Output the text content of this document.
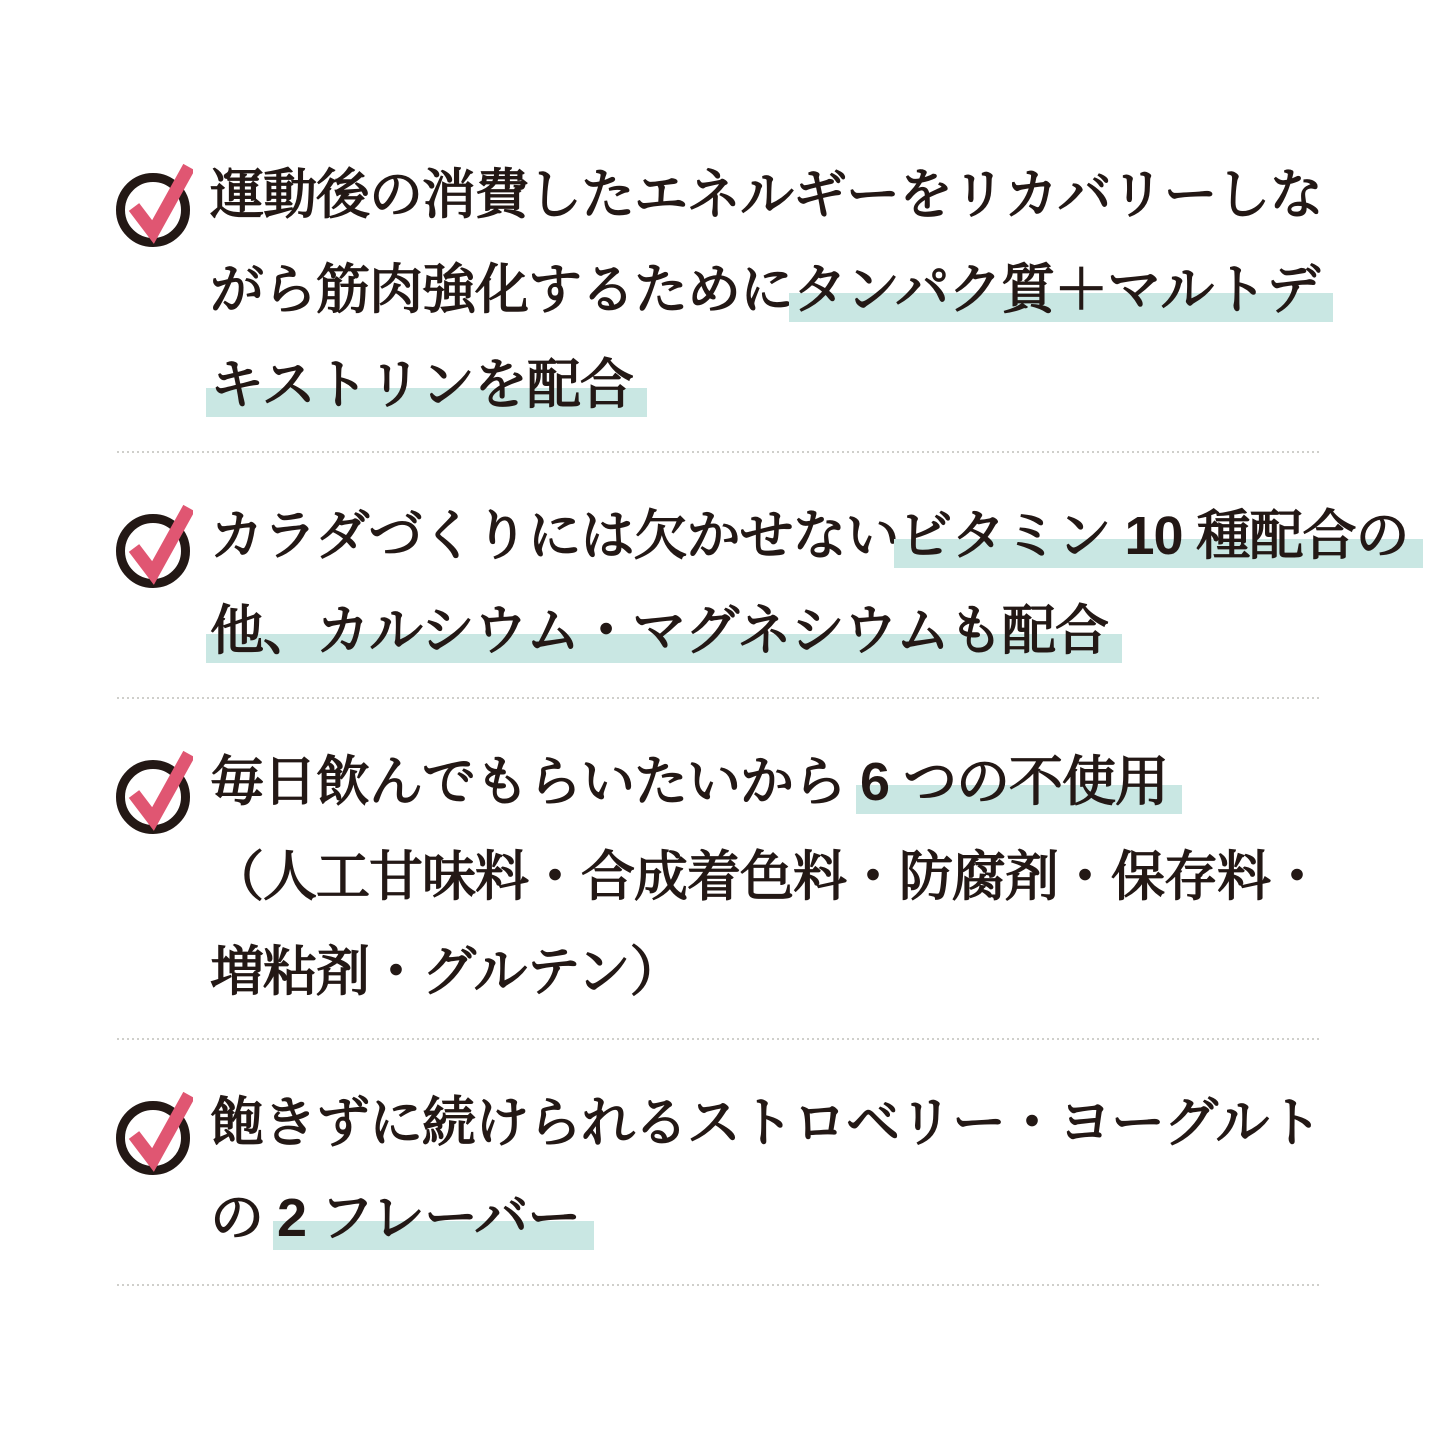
運動後の消費したエネルギーをリカバリーしな
がら筋肉強化するためにタンパク質＋マルトデ
キストリンを配合
カラダづくりには欠かせないビタミン 10 種配合の
他、カルシウム・マグネシウムも配合
毎日飲んでもらいたいから 6 つの不使用
（人工甘味料・合成着色料・防腐剤・保存料・
増粘剤・グルテン）
飽きずに続けられるストロベリー・ヨーグルト
の 2 フレーバー
